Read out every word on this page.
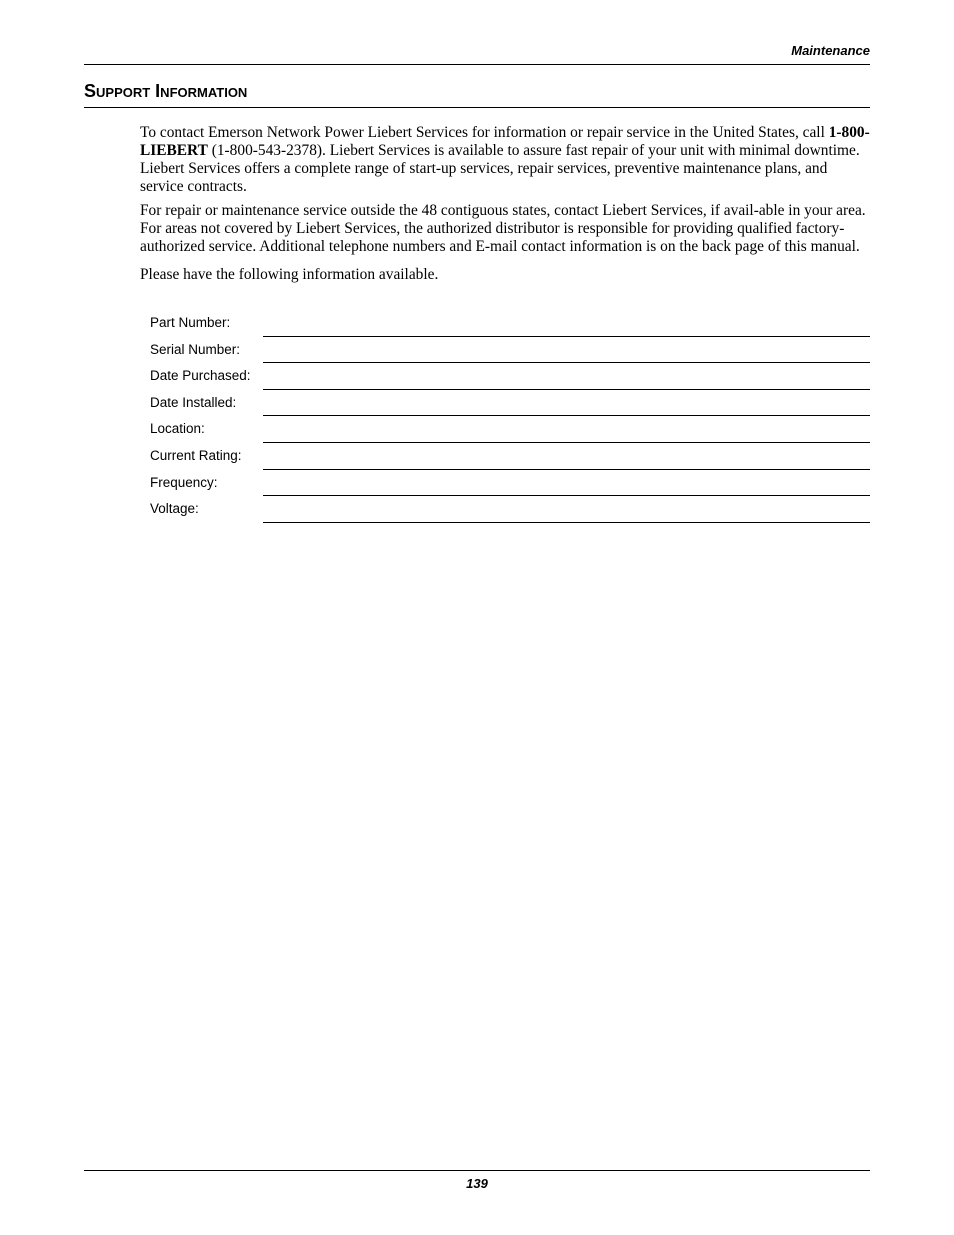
Maintenance
Support Information

To contact Emerson Network Power Liebert Services for information or repair service in the United States, call 1-800-LIEBERT (1-800-543-2378). Liebert Services is available to assure fast repair of your unit with minimal downtime. Liebert Services offers a complete range of start-up services, repair services, preventive maintenance plans, and service contracts.

For repair or maintenance service outside the 48 contiguous states, contact Liebert Services, if avail-able in your area. For areas not covered by Liebert Services, the authorized distributor is responsible for providing qualified factory-authorized service. Additional telephone numbers and E-mail contact information is on the back page of this manual.

Please have the following information available.

Part Number:
Serial Number:
Date Purchased:
Date Installed:
Location:
Current Rating:
Frequency:
Voltage:
139
